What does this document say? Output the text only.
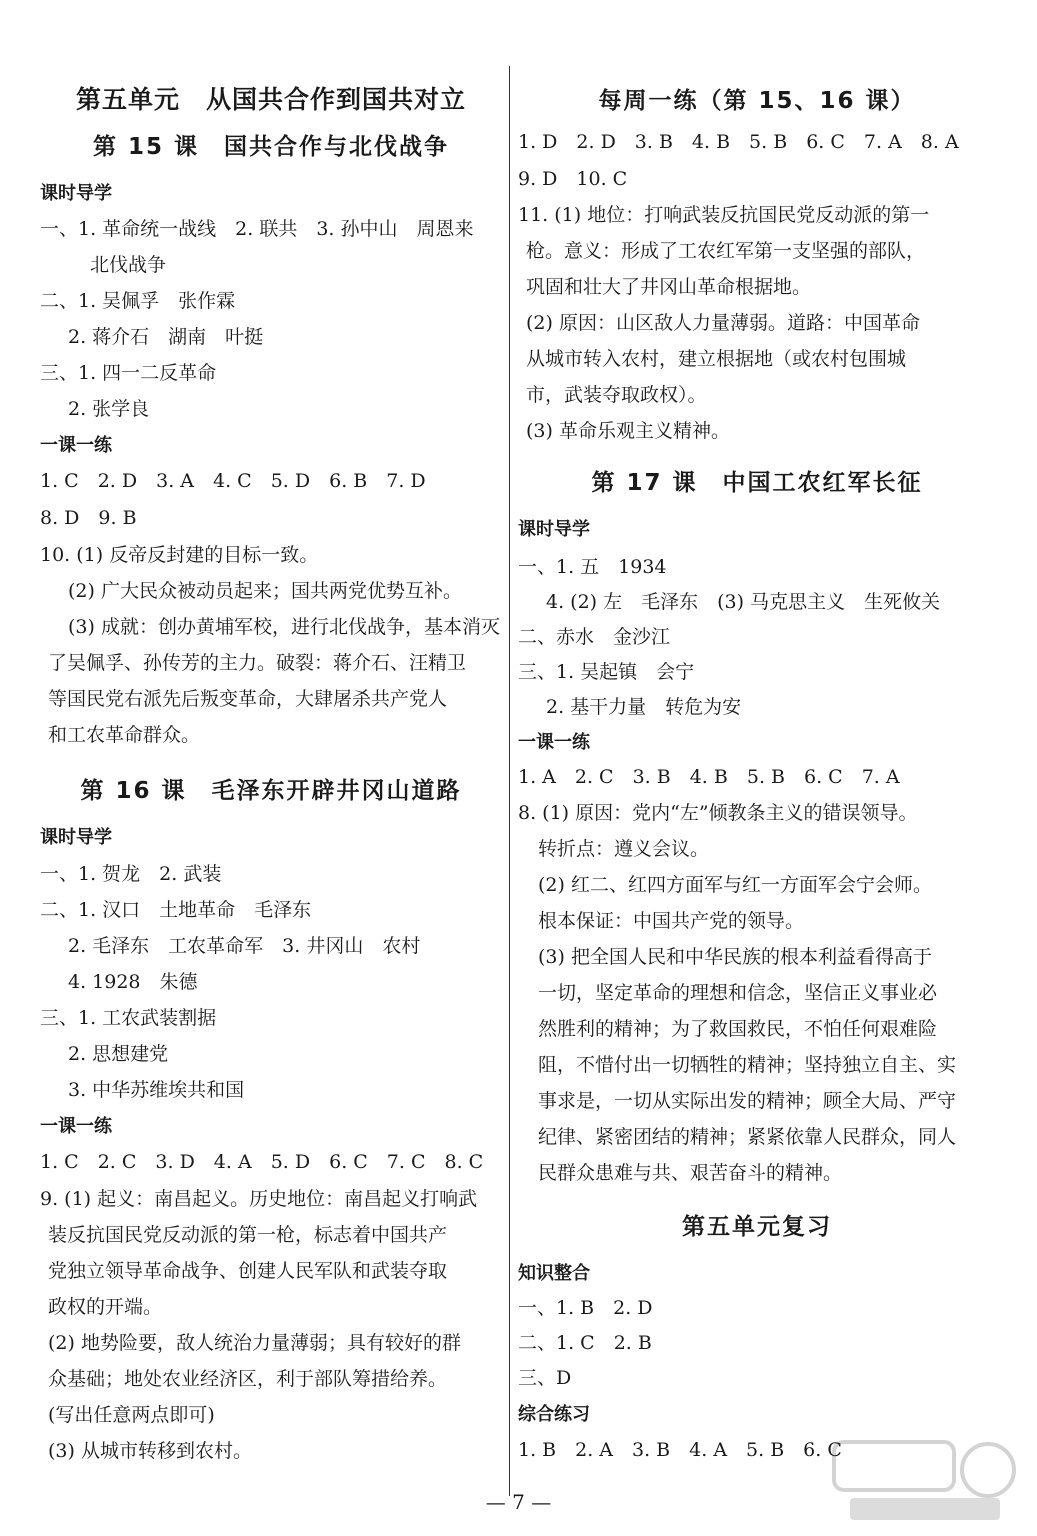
第五单元　从国共合作到国共对立
第 15 课　国共合作与北伐战争
课时导学
一、1. 革命统一战线　2. 联共　3. 孙中山　周恩来
北伐战争
二、1. 吴佩孚　张作霖
2. 蒋介石　湖南　叶挺
三、1. 四一二反革命
2. 张学良
一课一练
1. C　2. D　3. A　4. C　5. D　6. B　7. D
8. D　9. B
10. (1) 反帝反封建的目标一致。
(2) 广大民众被动员起来；国共两党优势互补。
(3) 成就：创办黄埔军校，进行北伐战争，基本消灭
了吴佩孚、孙传芳的主力。破裂：蒋介石、汪精卫
等国民党右派先后叛变革命，大肆屠杀共产党人
和工农革命群众。
第 16 课　毛泽东开辟井冈山道路
课时导学
一、1. 贺龙　2. 武装
二、1. 汉口　土地革命　毛泽东
2. 毛泽东　工农革命军　3. 井冈山　农村
4. 1928　朱德
三、1. 工农武装割据
2. 思想建党
3. 中华苏维埃共和国
一课一练
1. C　2. C　3. D　4. A　5. D　6. C　7. C　8. C
9. (1) 起义：南昌起义。历史地位：南昌起义打响武
装反抗国民党反动派的第一枪，标志着中国共产
党独立领导革命战争、创建人民军队和武装夺取
政权的开端。
(2) 地势险要，敌人统治力量薄弱；具有较好的群
众基础；地处农业经济区，利于部队筹措给养。
(写出任意两点即可)
(3) 从城市转移到农村。
每周一练（第 15、16 课）
1. D　2. D　3. B　4. B　5. B　6. C　7. A　8. A
9. D　10. C
11. (1) 地位：打响武装反抗国民党反动派的第一
枪。意义：形成了工农红军第一支坚强的部队，
巩固和壮大了井冈山革命根据地。
(2) 原因：山区敌人力量薄弱。道路：中国革命
从城市转入农村，建立根据地（或农村包围城
市，武装夺取政权）。
(3) 革命乐观主义精神。
第 17 课　中国工农红军长征
课时导学
一、1. 五　1934
4. (2) 左　毛泽东　(3) 马克思主义　生死攸关
二、赤水　金沙江
三、1. 吴起镇　会宁
2. 基干力量　转危为安
一课一练
1. A　2. C　3. B　4. B　5. B　6. C　7. A
8. (1) 原因：党内“左”倾教条主义的错误领导。
转折点：遵义会议。
(2) 红二、红四方面军与红一方面军会宁会师。
根本保证：中国共产党的领导。
(3) 把全国人民和中华民族的根本利益看得高于
一切，坚定革命的理想和信念，坚信正义事业必
然胜利的精神；为了救国救民，不怕任何艰难险
阻，不惜付出一切牺牲的精神；坚持独立自主、实
事求是，一切从实际出发的精神；顾全大局、严守
纪律、紧密团结的精神；紧紧依靠人民群众，同人
民群众患难与共、艰苦奋斗的精神。
第五单元复习
知识整合
一、1. B　2. D
二、1. C　2. B
三、D
综合练习
1. B　2. A　3. B　4. A　5. B　6. C
— 7 —
